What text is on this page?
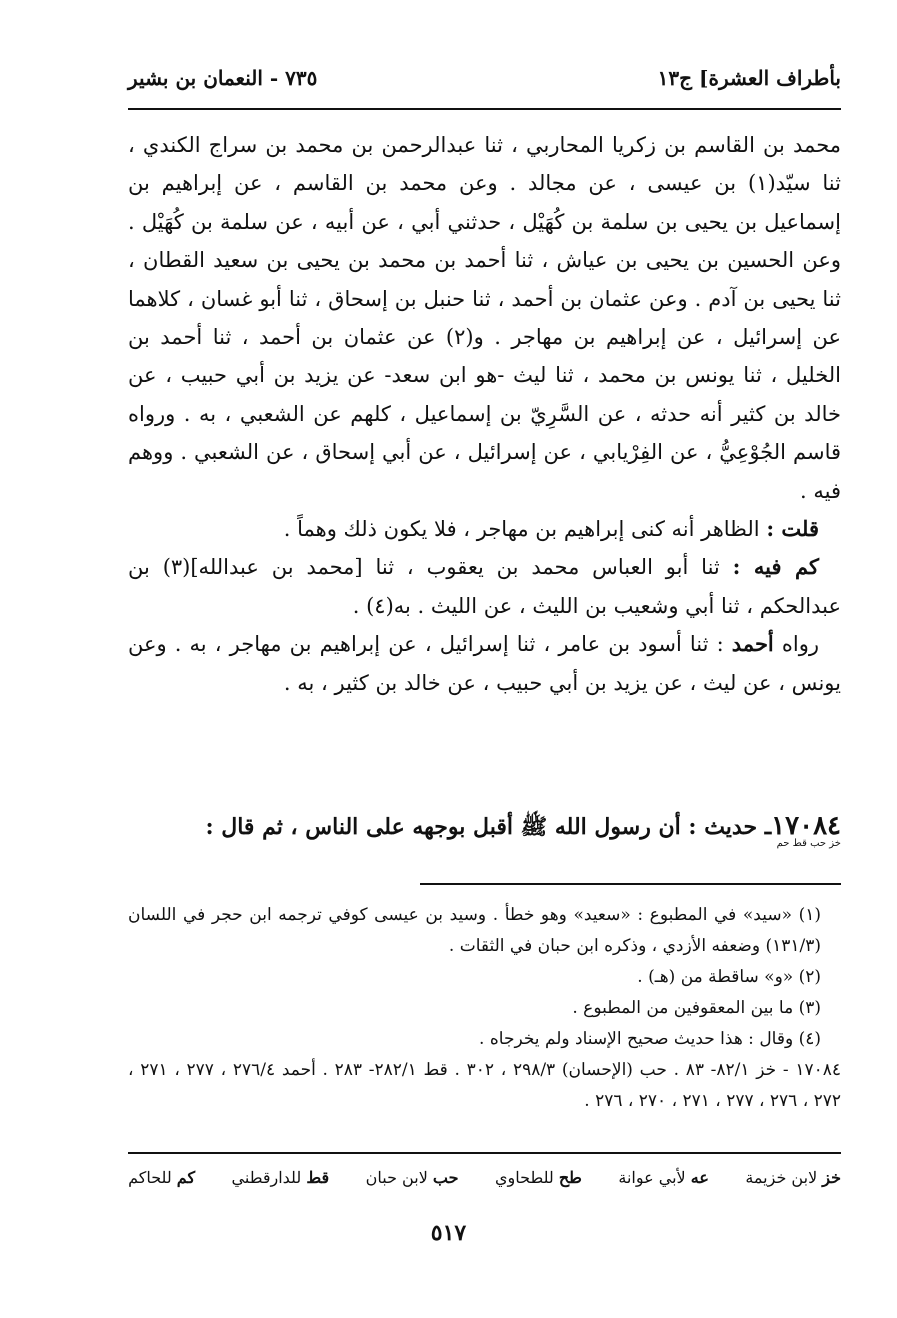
بأطراف العشرة] ج١٣
٧٣٥ - النعمان بن بشير

محمد بن القاسم بن زكريا المحاربي ، ثنا عبدالرحمن بن محمد بن سراج الكندي ، ثنا سيّد(١) بن عيسى ، عن مجالد . وعن محمد بن القاسم ، عن إبراهيم بن إسماعيل بن يحيى بن سلمة بن كُهَيْل ، حدثني أبي ، عن أبيه ، عن سلمة بن كُهَيْل . وعن الحسين بن يحيى بن عياش ، ثنا أحمد بن محمد بن يحيى بن سعيد القطان ، ثنا يحيى بن آدم . وعن عثمان بن أحمد ، ثنا حنبل بن إسحاق ، ثنا أبو غسان ، كلاهما عن إسرائيل ، عن إبراهيم بن مهاجر . و(٢) عن عثمان بن أحمد ، ثنا أحمد بن الخليل ، ثنا يونس بن محمد ، ثنا ليث -هو ابن سعد- عن يزيد بن أبي حبيب ، عن خالد بن كثير أنه حدثه ، عن السَّرِيّ بن إسماعيل ، كلهم عن الشعبي ، به . ورواه قاسم الجُوْعِيُّ ، عن الفِرْيابي ، عن إسرائيل ، عن أبي إسحاق ، عن الشعبي . ووهم فيه .

قلت : الظاهر أنه كنى إبراهيم بن مهاجر ، فلا يكون ذلك وهماً .

كم فيه : ثنا أبو العباس محمد بن يعقوب ، ثنا [محمد بن عبدالله](٣) بن عبدالحكم ، ثنا أبي وشعيب بن الليث ، عن الليث . به(٤) .

رواه أحمد : ثنا أسود بن عامر ، ثنا إسرائيل ، عن إبراهيم بن مهاجر ، به . وعن يونس ، عن ليث ، عن يزيد بن أبي حبيب ، عن خالد بن كثير ، به .

١٧٠٨٤ـ حديث : أن رسول الله ﷺ أقبل بوجهه على الناس ، ثم قال :
خز حب قط حم

(١) «سيد» في المطبوع : «سعيد» وهو خطأ . وسيد بن عيسى كوفي ترجمه ابن حجر في اللسان (١٣١/٣) وضعفه الأزدي ، وذكره ابن حبان في الثقات .

(٢) «و» ساقطة من (هـ) .

(٣) ما بين المعقوفين من المطبوع .

(٤) وقال : هذا حديث صحيح الإسناد ولم يخرجاه .

١٧٠٨٤ - خز ٨٢/١- ٨٣ . حب (الإحسان) ٢٩٨/٣ ، ٣٠٢ . قط ٢٨٢/١- ٢٨٣ . أحمد ٢٧٦/٤ ، ٢٧٧ ، ٢٧١ ، ٢٧٢ ، ٢٧٦ ، ٢٧٧ ، ٢٧١ ، ٢٧٠ ، ٢٧٦ .

خز لابن خزيمة
عه لأبي عوانة
طح للطحاوي
حب لابن حبان
قط للدارقطني
كم للحاكم
٥١٧
